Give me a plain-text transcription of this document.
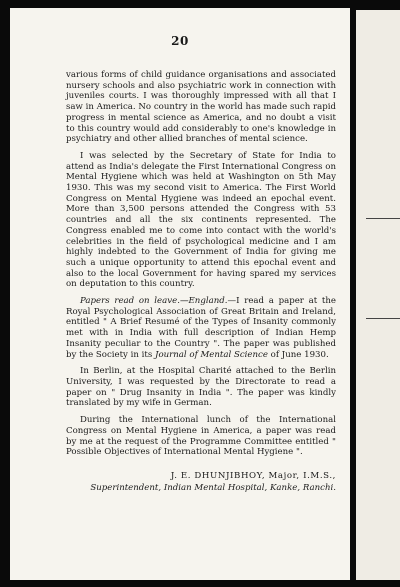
20

various forms of child guidance organisations and associated nursery schools and also psychiatric work in connection with juveniles courts. I was thoroughly impressed with all that I saw in America. No country in the world has made such rapid progress in mental science as America, and no doubt a visit to this country would add considerably to one's knowledge in psychiatry and other allied branches of mental science.

I was selected by the Secretary of State for India to attend as India's delegate the First International Congress on Mental Hygiene which was held at Washington on 5th May 1930. This was my second visit to America. The First World Congress on Mental Hygiene was indeed an epochal event. More than 3,500 persons attended the Congress with 53 countries and all the six continents represented. The Congress enabled me to come into contact with the world's celebrities in the field of psychological medicine and I am highly indebted to the Government of India for giving me such a unique opportunity to attend this epochal event and also to the local Government for having spared my services on deputation to this country.

Papers read on leave.—England.—I read a paper at the Royal Psychological Association of Great Britain and Ireland, entitled " A Brief Resumé of the Types of Insanity commonly met with in India with full description of Indian Hemp Insanity peculiar to the Country ". The paper was published by the Society in its Journal of Mental Science of June 1930.

In Berlin, at the Hospital Charité attached to the Berlin University, I was requested by the Directorate to read a paper on " Drug Insanity in India ". The paper was kindly translated by my wife in German.

During the International lunch of the International Congress on Mental Hygiene in America, a paper was read by me at the request of the Programme Committee entitled " Possible Objectives of International Mental Hygiene ".

J. E. DHUNJIBHOY, Major, I.M.S.,
Superintendent, Indian Mental Hospital, Kanke, Ranchi.
